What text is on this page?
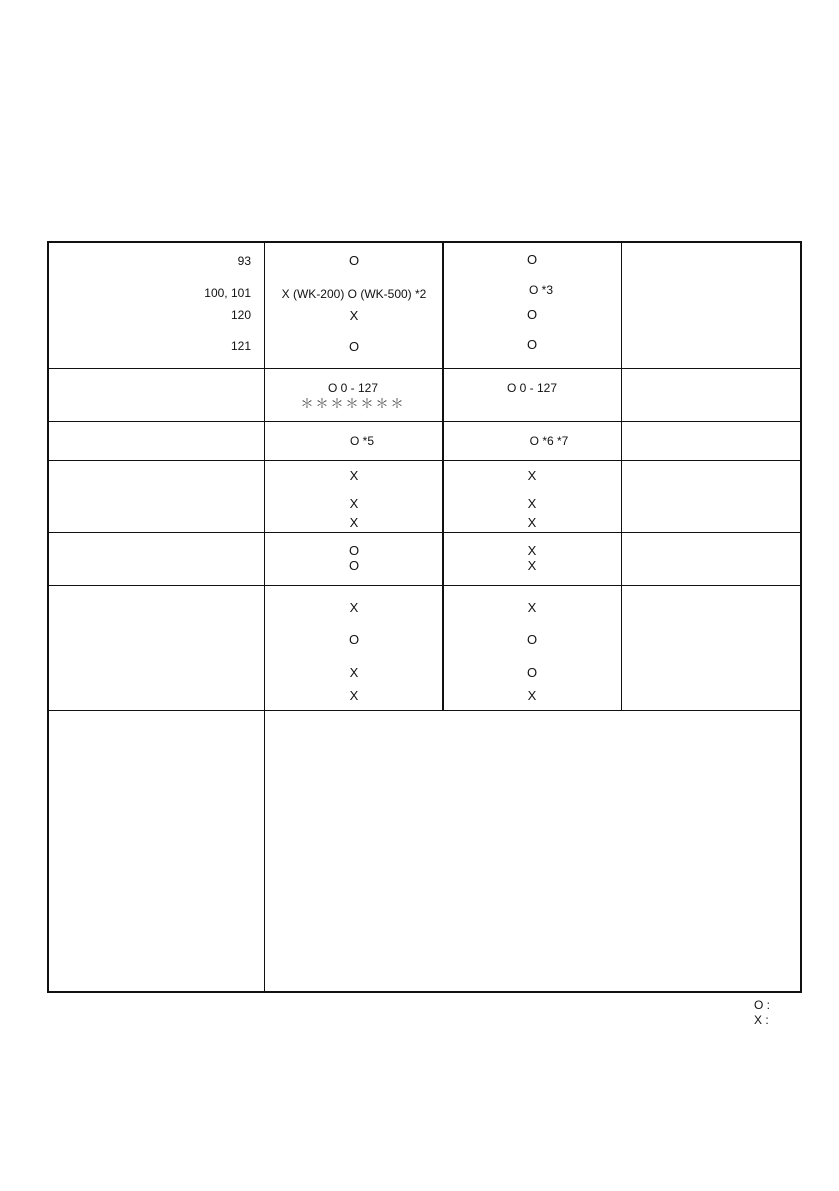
93
100, 101
120
121
O
X (WK-200) O (WK-500) *2
X
O
O
O *3
O
O
O 0 - 127
＊＊＊＊＊＊＊
O 0 - 127
O *5	O *6 *7
X
X
X
X
X
X
O
O
X
X
X
O
X
X
X
O
O
X
O :
X :
